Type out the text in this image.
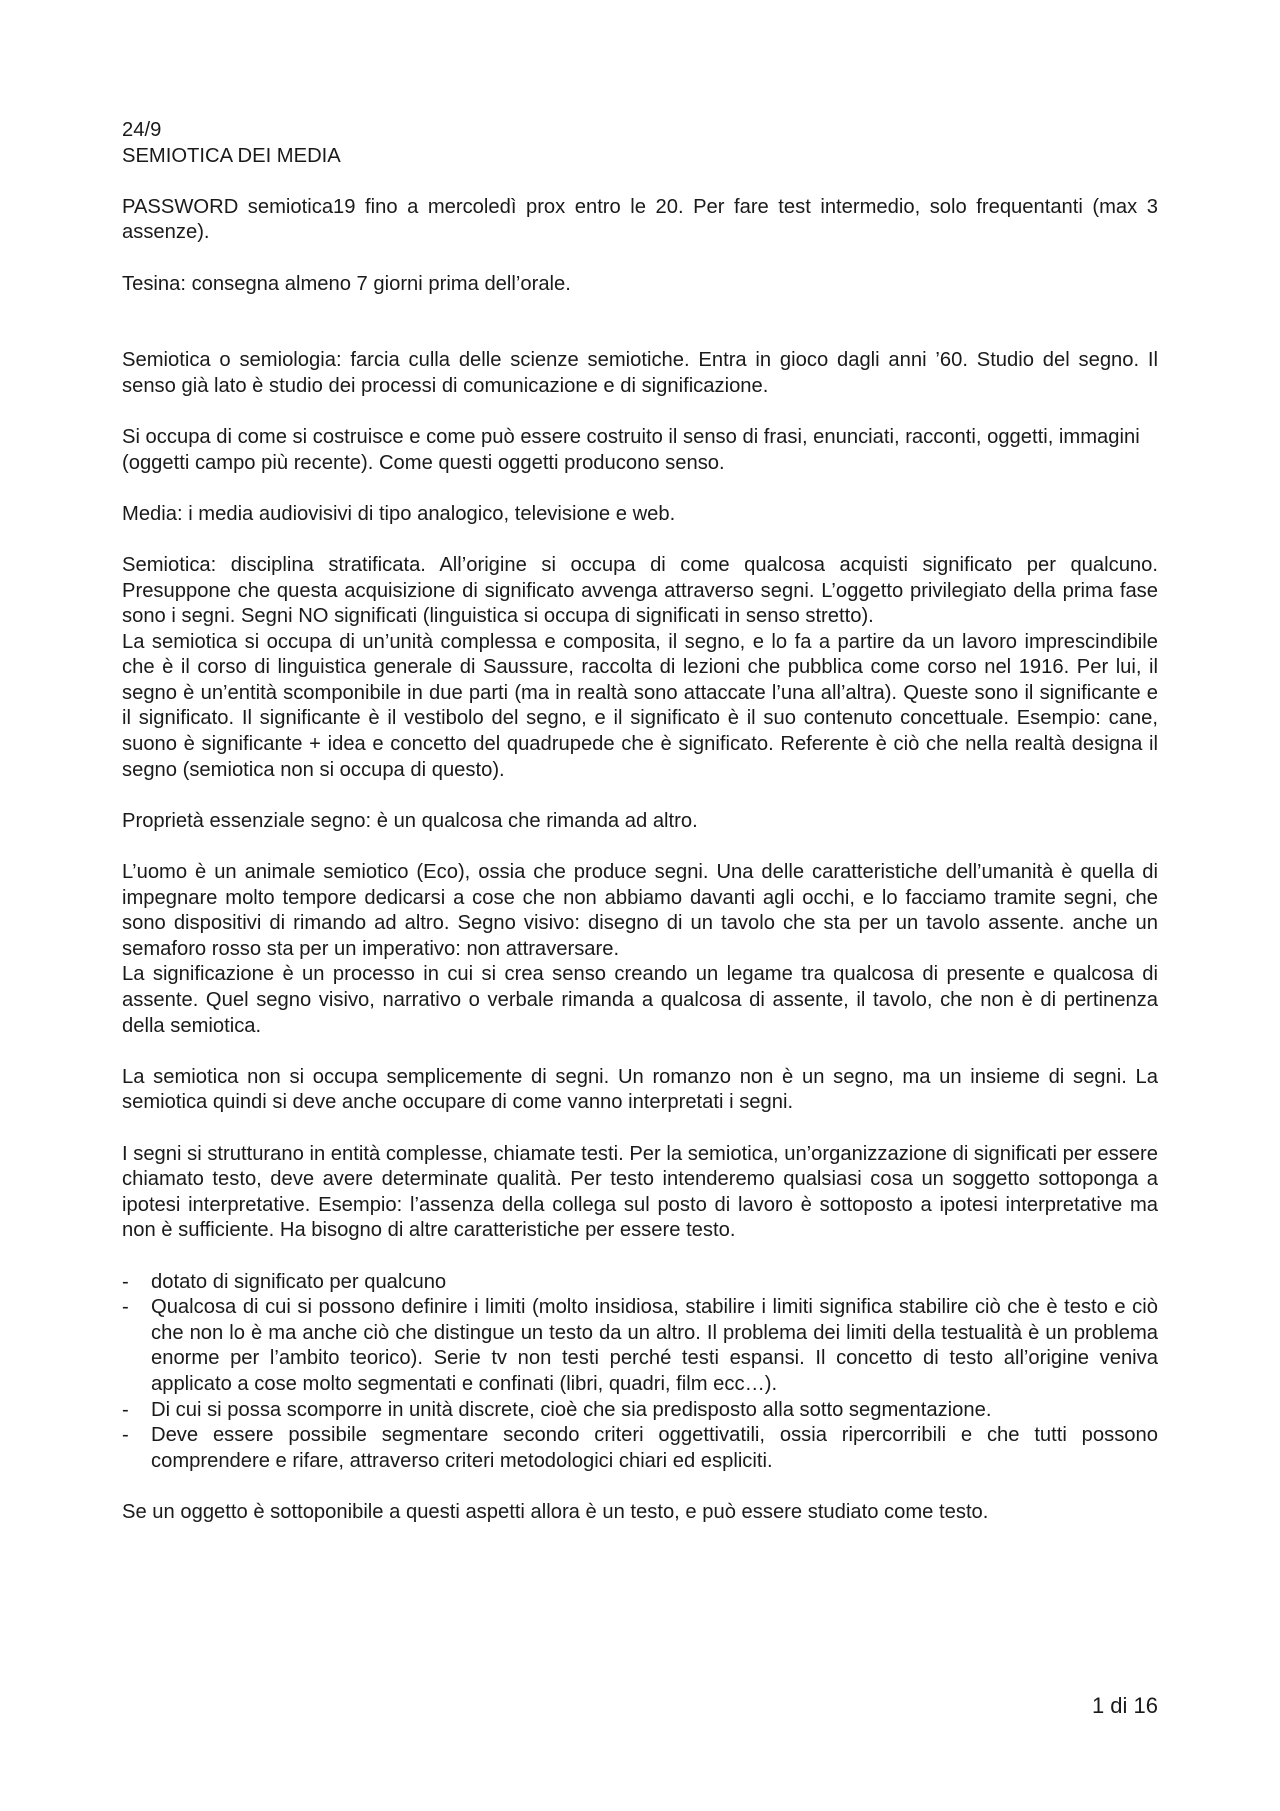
24/9

SEMIOTICA DEI MEDIA

PASSWORD semiotica19 fino a mercoledì prox entro le 20. Per fare test intermedio, solo frequentanti (max 3 assenze).

Tesina: consegna almeno 7 giorni prima dell’orale.

Semiotica o semiologia: farcia culla delle scienze semiotiche. Entra in gioco dagli anni ’60. Studio del segno. Il senso già lato è studio dei processi di comunicazione e di significazione.

Si occupa di come si costruisce e come può essere costruito il senso di frasi, enunciati, racconti, oggetti, immagini (oggetti campo più recente). Come questi oggetti producono senso.

Media: i media audiovisivi di tipo analogico, televisione e web.

Semiotica: disciplina stratificata. All’origine si occupa di come qualcosa acquisti significato per qualcuno. Presuppone che questa acquisizione di significato avvenga attraverso segni. L’oggetto privilegiato della prima fase sono i segni. Segni NO significati (linguistica si occupa di significati in senso stretto).

La semiotica si occupa di un’unità complessa e composita, il segno, e lo fa a partire da un lavoro imprescindibile che è il corso di linguistica generale di Saussure, raccolta di lezioni che pubblica come corso nel 1916. Per lui, il segno è un’entità scomponibile in due parti (ma in realtà sono attaccate l’una all’altra). Queste sono il significante e il significato. Il significante è il vestibolo del segno, e il significato è il suo contenuto concettuale. Esempio: cane, suono è significante + idea e concetto del quadrupede che è significato. Referente è ciò che nella realtà designa il segno (semiotica non si occupa di questo).

Proprietà essenziale segno: è un qualcosa che rimanda ad altro.

L’uomo è un animale semiotico (Eco), ossia che produce segni. Una delle caratteristiche dell’umanità è quella di impegnare molto tempore dedicarsi a cose che non abbiamo davanti agli occhi, e lo facciamo tramite segni, che sono dispositivi di rimando ad altro. Segno visivo: disegno di un tavolo che sta per un tavolo assente. anche un semaforo rosso sta per un imperativo: non attraversare.

La significazione è un processo in cui si crea senso creando un legame tra qualcosa di presente e qualcosa di assente. Quel segno visivo, narrativo o verbale rimanda a qualcosa di assente, il tavolo, che non è di pertinenza della semiotica.

La semiotica non si occupa semplicemente di segni. Un romanzo non è un segno, ma un insieme di segni. La semiotica quindi si deve anche occupare di come vanno interpretati i segni.

I segni si strutturano in entità complesse, chiamate testi. Per la semiotica, un’organizzazione di significati per essere chiamato testo, deve avere determinate qualità. Per testo intenderemo qualsiasi cosa un soggetto sottoponga a ipotesi interpretative. Esempio: l’assenza della collega sul posto di lavoro è sottoposto a ipotesi interpretative ma non è sufficiente. Ha bisogno di altre caratteristiche per essere testo.

- dotato di significato per qualcuno
- Qualcosa di cui si possono definire i limiti (molto insidiosa, stabilire i limiti significa stabilire ciò che è testo e ciò che non lo è ma anche ciò che distingue un testo da un altro. Il problema dei limiti della testualità è un problema enorme per l’ambito teorico). Serie tv non testi perché testi espansi. Il concetto di testo all’origine veniva applicato a cose molto segmentati e confinati (libri, quadri, film ecc…).
- Di cui si possa scomporre in unità discrete, cioè che sia predisposto alla sotto segmentazione.
- Deve essere possibile segmentare secondo criteri oggettivatili, ossia ripercorribili e che tutti possono comprendere e rifare, attraverso criteri metodologici chiari ed espliciti.

Se un oggetto è sottoponibile a questi aspetti allora è un testo, e può essere studiato come testo.

1 di 16
